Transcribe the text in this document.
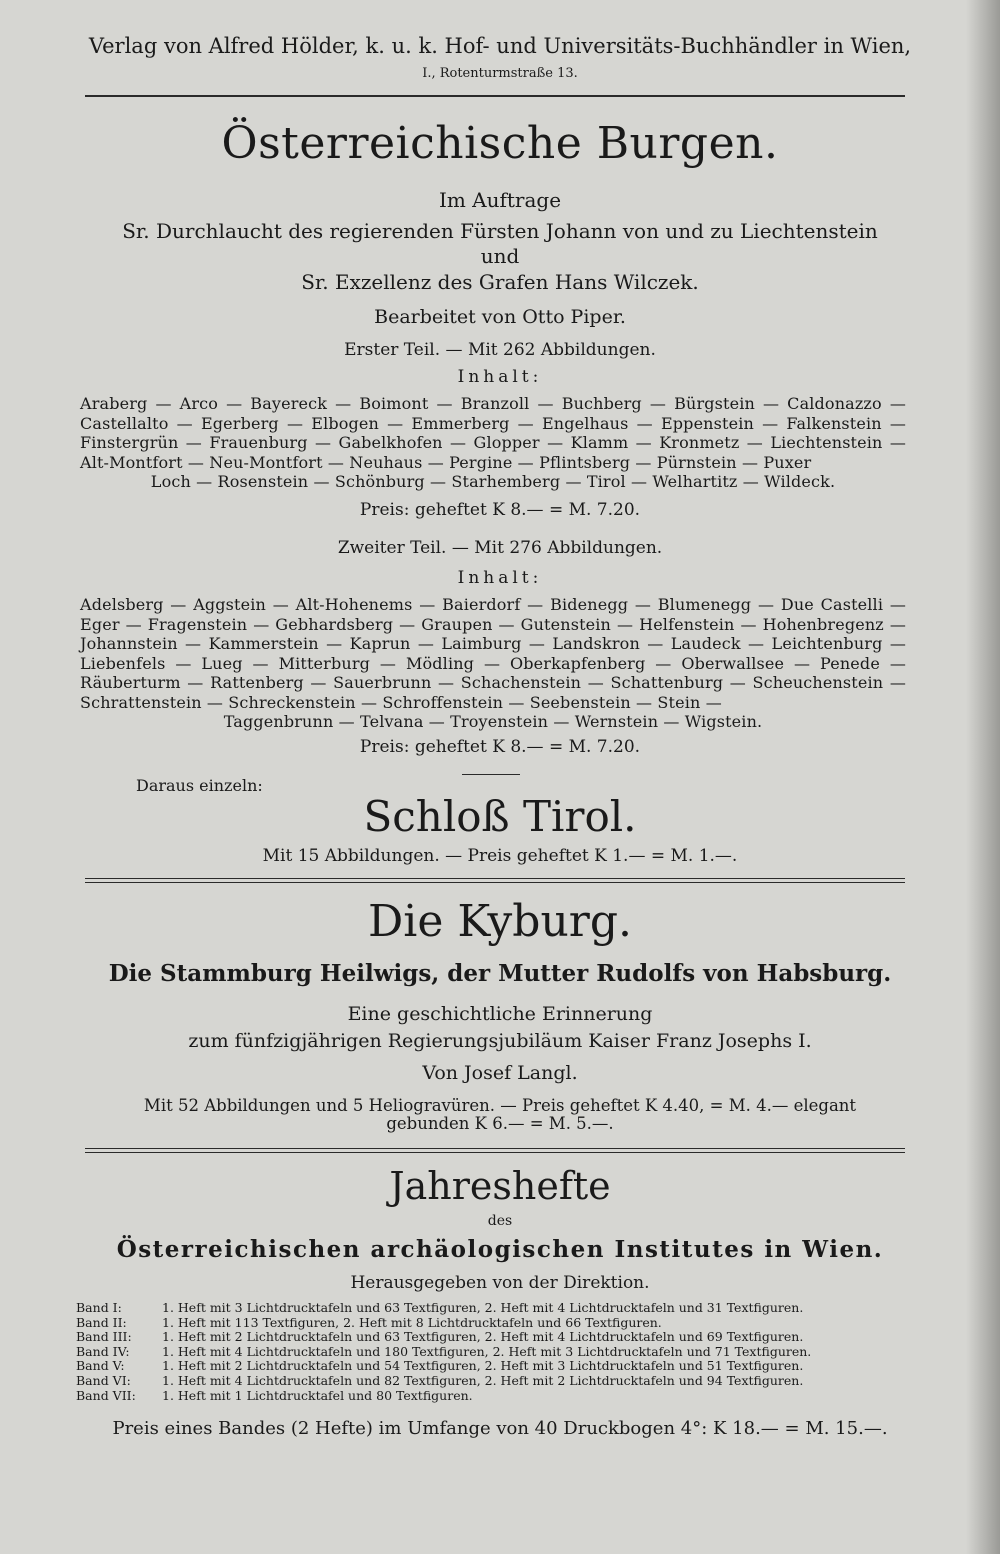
Verlag von Alfred Hölder, k. u. k. Hof- und Universitäts-Buchhändler in Wien,
I., Rotenturmstraße 13.
Österreichische Burgen.
Im Auftrage
Sr. Durchlaucht des regierenden Fürsten Johann von und zu Liechtenstein
und
Sr. Exzellenz des Grafen Hans Wilczek.
Bearbeitet von Otto Piper.
Erster Teil. — Mit 262 Abbildungen.
Inhalt:
Araberg — Arco — Bayereck — Boimont — Branzoll — Buchberg — Bürgstein — Caldonazzo — Castellalto — Egerberg — Elbogen — Emmerberg — Engelhaus — Eppenstein — Falkenstein — Finstergrün — Frauenburg — Gabelkhofen — Glopper — Klamm — Kronmetz — Liechtenstein — Alt-Montfort — Neu-Montfort — Neuhaus — Pergine — Pflintsberg — Pürnstein — Puxer
Loch — Rosenstein — Schönburg — Starhemberg — Tirol — Welhartitz — Wildeck.
Preis: geheftet K 8.— = M. 7.20.
Zweiter Teil. — Mit 276 Abbildungen.
Inhalt:
Adelsberg — Aggstein — Alt-Hohenems — Baierdorf — Bidenegg — Blumenegg — Due Castelli — Eger — Fragenstein — Gebhardsberg — Graupen — Gutenstein — Helfenstein — Hohenbregenz — Johannstein — Kammerstein — Kaprun — Laimburg — Landskron — Laudeck — Leichtenburg — Liebenfels — Lueg — Mitterburg — Mödling — Oberkapfenberg — Oberwallsee — Penede — Räuberturm — Rattenberg — Sauerbrunn — Schachenstein — Schattenburg — Scheuchenstein — Schrattenstein — Schreckenstein — Schroffenstein — Seebenstein — Stein —
Taggenbrunn — Telvana — Troyenstein — Wernstein — Wigstein.
Preis: geheftet K 8.— = M. 7.20.
Daraus einzeln:
Schloß Tirol.
Mit 15 Abbildungen. — Preis geheftet K 1.— = M. 1.—.
Die Kyburg.
Die Stammburg Heilwigs, der Mutter Rudolfs von Habsburg.
Eine geschichtliche Erinnerung
zum fünfzigjährigen Regierungsjubiläum Kaiser Franz Josephs I.
Von Josef Langl.
Mit 52 Abbildungen und 5 Heliogravüren. — Preis geheftet K 4.40, = M. 4.— elegant
gebunden K 6.— = M. 5.—.
Jahreshefte
des
Österreichischen archäologischen Institutes in Wien.
Herausgegeben von der Direktion.
Band I:	1. Heft mit 3 Lichtdrucktafeln und 63 Textfiguren, 2. Heft mit 4 Lichtdrucktafeln und 31 Textfiguren.
Band II:	1. Heft mit 113 Textfiguren, 2. Heft mit 8 Lichtdrucktafeln und 66 Textfiguren.
Band III:	1. Heft mit 2 Lichtdrucktafeln und 63 Textfiguren, 2. Heft mit 4 Lichtdrucktafeln und 69 Textfiguren.
Band IV:	1. Heft mit 4 Lichtdrucktafeln und 180 Textfiguren, 2. Heft mit 3 Lichtdrucktafeln und 71 Textfiguren.
Band V:	1. Heft mit 2 Lichtdrucktafeln und 54 Textfiguren, 2. Heft mit 3 Lichtdrucktafeln und 51 Textfiguren.
Band VI:	1. Heft mit 4 Lichtdrucktafeln und 82 Textfiguren, 2. Heft mit 2 Lichtdrucktafeln und 94 Textfiguren.
Band VII:	1. Heft mit 1 Lichtdrucktafel und 80 Textfiguren.
Preis eines Bandes (2 Hefte) im Umfange von 40 Druckbogen 4°: K 18.— = M. 15.—.
